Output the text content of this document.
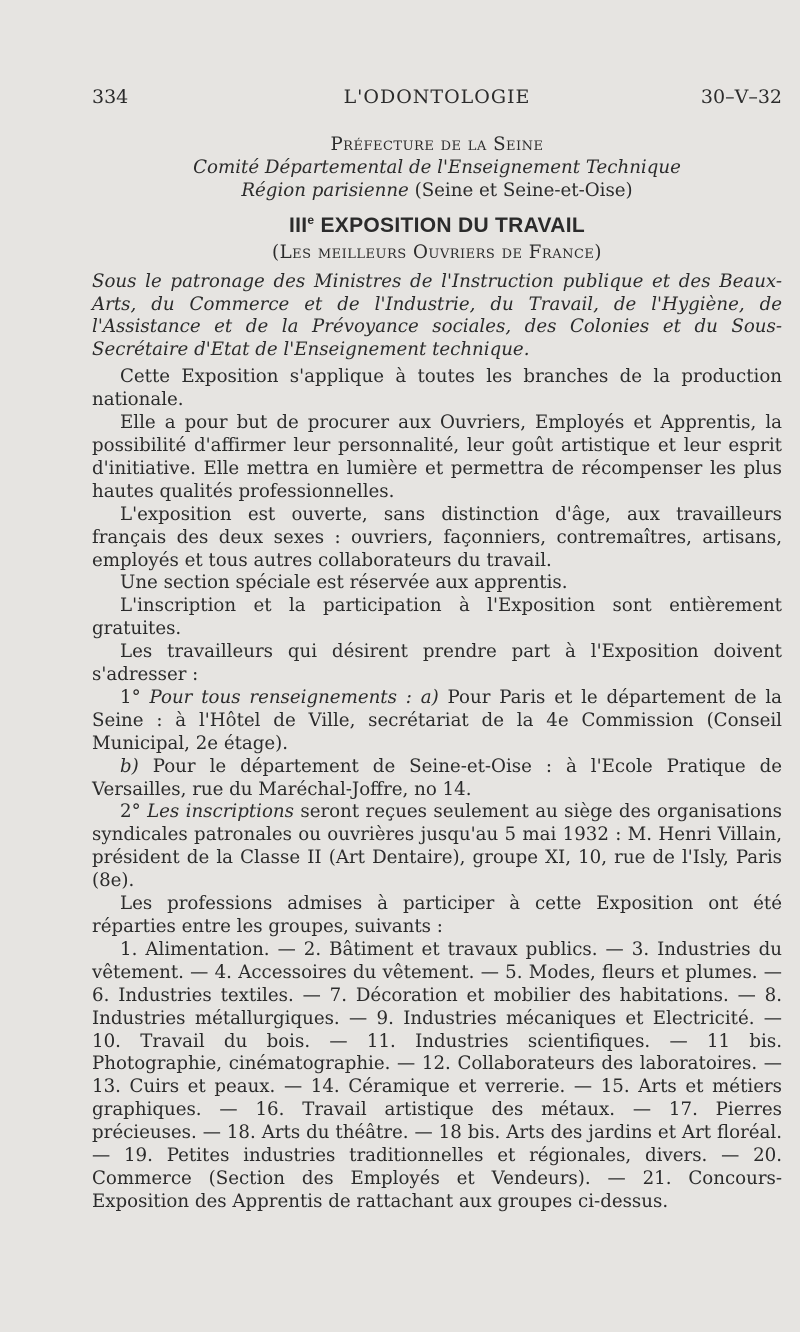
334	L'ODONTOLOGIE	30–V–32

Préfecture de la Seine

Comité Départemental de l'Enseignement Technique

Région parisienne (Seine et Seine-et-Oise)

IIIe EXPOSITION DU TRAVAIL

(Les meilleurs Ouvriers de France)

Sous le patronage des Ministres de l'Instruction publique et des Beaux-Arts, du Commerce et de l'Industrie, du Travail, de l'Hygiène, de l'Assistance et de la Prévoyance sociales, des Colonies et du Sous-Secrétaire d'Etat de l'Enseignement technique.

Cette Exposition s'applique à toutes les branches de la production nationale.

Elle a pour but de procurer aux Ouvriers, Employés et Apprentis, la possibilité d'affirmer leur personnalité, leur goût artistique et leur esprit d'initiative. Elle mettra en lumière et permettra de récompenser les plus hautes qualités professionnelles.

L'exposition est ouverte, sans distinction d'âge, aux travailleurs français des deux sexes : ouvriers, façonniers, contremaîtres, artisans, employés et tous autres collaborateurs du travail.

Une section spéciale est réservée aux apprentis.

L'inscription et la participation à l'Exposition sont entièrement gratuites.

Les travailleurs qui désirent prendre part à l'Exposition doivent s'adresser :

1° Pour tous renseignements : a) Pour Paris et le département de la Seine : à l'Hôtel de Ville, secrétariat de la 4e Commission (Conseil Municipal, 2e étage).

b) Pour le département de Seine-et-Oise : à l'Ecole Pratique de Versailles, rue du Maréchal-Joffre, no 14.

2° Les inscriptions seront reçues seulement au siège des organisations syndicales patronales ou ouvrières jusqu'au 5 mai 1932 : M. Henri Villain, président de la Classe II (Art Dentaire), groupe XI, 10, rue de l'Isly, Paris (8e).

Les professions admises à participer à cette Exposition ont été réparties entre les groupes, suivants :

1. Alimentation. — 2. Bâtiment et travaux publics. — 3. Industries du vêtement. — 4. Accessoires du vêtement. — 5. Modes, fleurs et plumes. — 6. Industries textiles. — 7. Décoration et mobilier des habitations. — 8. Industries métallurgiques. — 9. Industries mécaniques et Electricité. — 10. Travail du bois. — 11. Industries scientifiques. — 11 bis. Photographie, cinématographie. — 12. Collaborateurs des laboratoires. — 13. Cuirs et peaux. — 14. Céramique et verrerie. — 15. Arts et métiers graphiques. — 16. Travail artistique des métaux. — 17. Pierres précieuses. — 18. Arts du théâtre. — 18 bis. Arts des jardins et Art floréal. — 19. Petites industries traditionnelles et régionales, divers. — 20. Commerce (Section des Employés et Vendeurs). — 21. Concours-Exposition des Apprentis de rattachant aux groupes ci-dessus.
